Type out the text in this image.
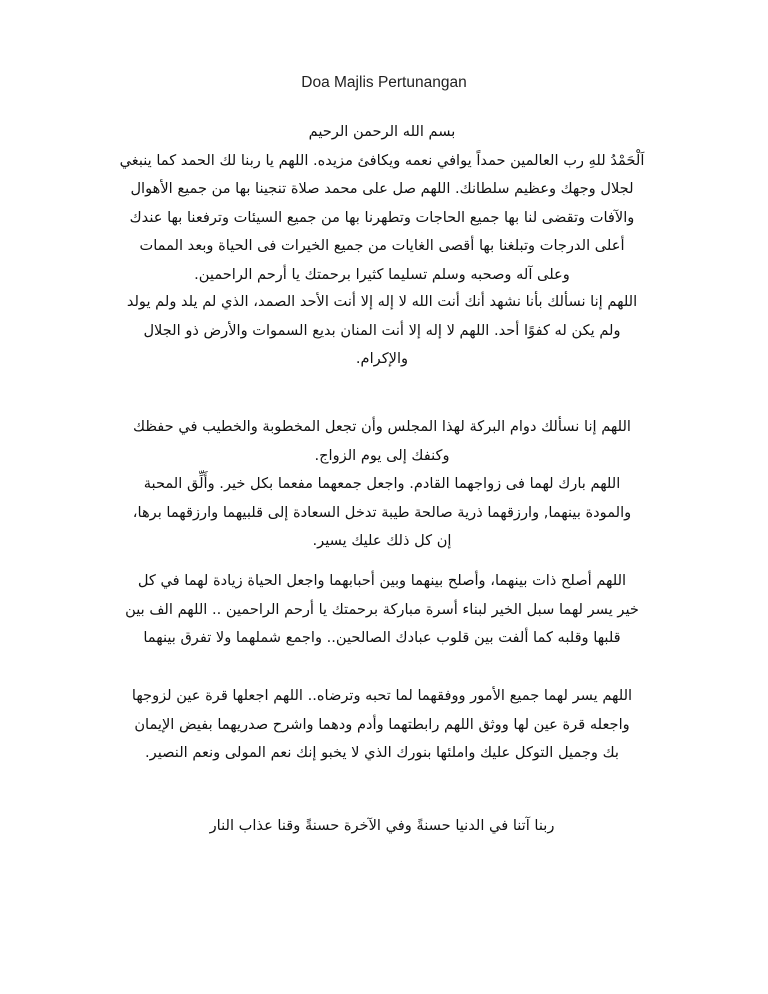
Doa Majlis Pertunangan
بسم الله الرحمن الرحيم
اَلْحَمْدُ للهِ رب العالمين حمداً يوافي نعمه ويكافئ مزيده. اللهم يا ربنا لك الحمد كما ينبغي
لجلال وجهك وعظيم سلطانك. اللهم صل على محمد صلاة تنجينا بها من جميع الأهوال
والآفات وتقضى لنا بها جميع الحاجات وتطهرنا بها من جميع السيئات وترفعنا بها عندك
أعلى الدرجات وتبلغنا بها أقصى الغايات من جميع الخيرات فى الحياة وبعد الممات
وعلى آله وصحبه وسلم تسليما كثيرا برحمتك يا أرحم الراحمين.
اللهم إنا نسألك بأنا نشهد أنك أنت الله لا إله إلا أنت الأحد الصمد، الذي لم يلد ولم يولد
ولم يكن له كفوًا أحد. اللهم لا إله إلا أنت المنان بديع السموات والأرض ذو الجلال
والإكرام.
اللهم إنا نسألك دوام البركة لهذا المجلس وأن تجعل المخطوبة والخطيب في حفظك
وكنفك إلى يوم الزواج.
اللهم بارك لهما فى زواجهما القادم. واجعل جمعهما مفعما بكل خير. وأَلِّق المحبة
والمودة بينهما, وارزقهما ذرية صالحة طيبة تدخل السعادة إلى قلبيهما وارزقهما برها،
إن كل ذلك عليك يسير.
اللهم أصلح ذات بينهما، وأصلح بينهما وبين أحبابهما واجعل الحياة زيادة لهما في كل
خير يسر لهما سبل الخير لبناء أسرة مباركة برحمتك يا أرحم الراحمين .. اللهم الف بين
قلبها وقلبه كما ألفت بين قلوب عبادك الصالحين.. واجمع شملهما ولا تفرق بينهما
اللهم يسر لهما جميع الأمور ووفقهما لما تحبه وترضاه.. اللهم اجعلها قرة عين لزوجها
واجعله قرة عين لها ووثق اللهم رابطتهما وأدم ودهما واشرح صدريهما بفيض الإيمان
بك وجميل التوكل عليك واملئها بنورك الذي لا يخبو إنك نعم المولى ونعم النصير.
ربنا آتنا في الدنيا حسنةً وفي الآخرة حسنةً وقنا عذاب النار
